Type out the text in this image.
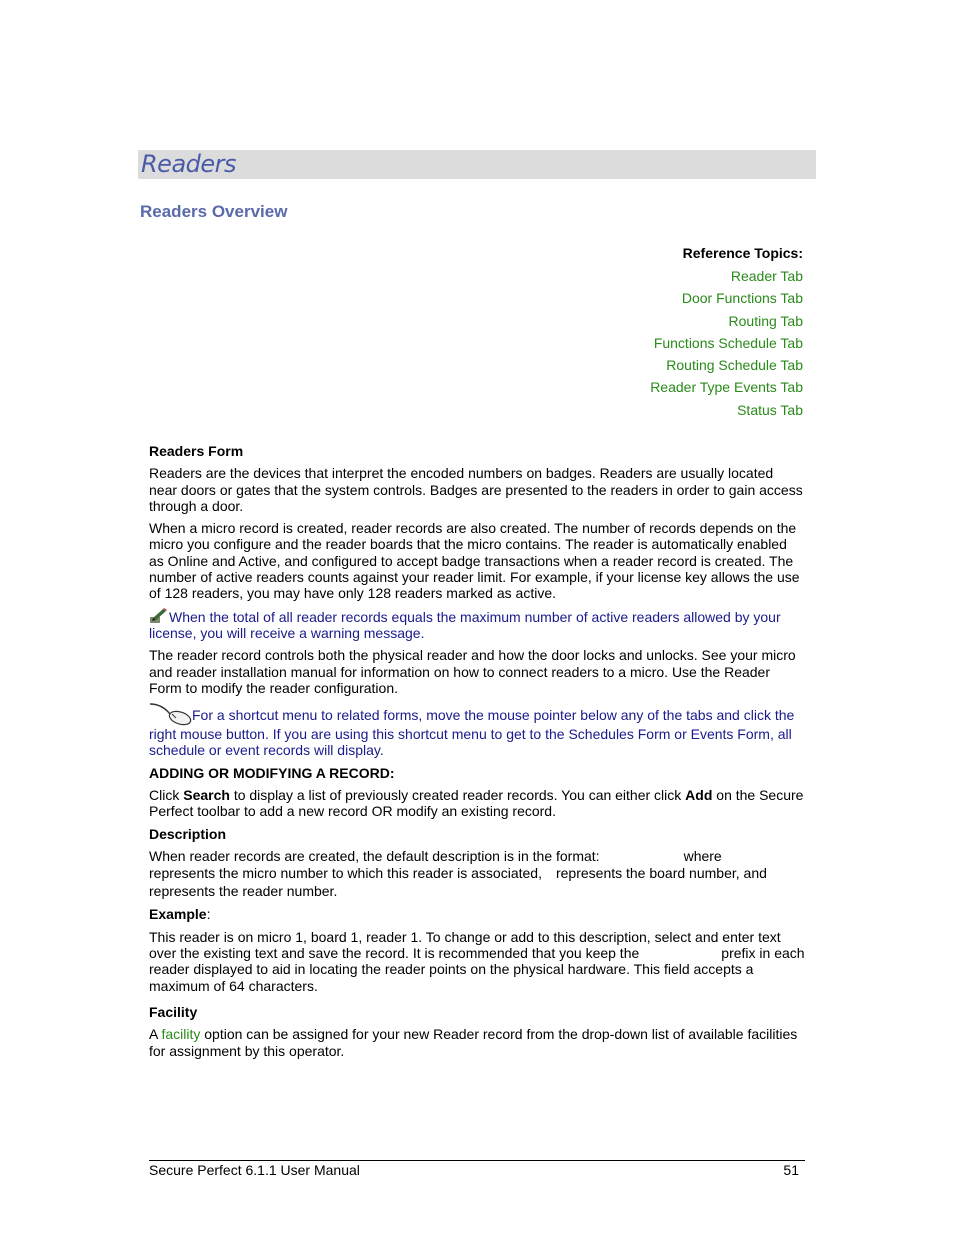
Readers
Readers Overview
Reference Topics:
Reader Tab
Door Functions Tab
Routing Tab
Functions Schedule Tab
Routing Schedule Tab
Reader Type Events Tab
Status Tab
Readers Form

Readers are the devices that interpret the encoded numbers on badges. Readers are usually located near doors or gates that the system controls. Badges are presented to the readers in order to gain access through a door.

When a micro record is created, reader records are also created. The number of records depends on the micro you configure and the reader boards that the micro contains. The reader is automatically enabled as Online and Active, and configured to accept badge transactions when a reader record is created. The number of active readers counts against your reader limit. For example, if your license key allows the use of 128 readers, you may have only 128 readers marked as active.

When the total of all reader records equals the maximum number of active readers allowed by your license, you will receive a warning message.

The reader record controls both the physical reader and how the door locks and unlocks. See your micro and reader installation manual for information on how to connect readers to a micro. Use the Reader Form to modify the reader configuration.

For a shortcut menu to related forms, move the mouse pointer below any of the tabs and click the right mouse button. If you are using this shortcut menu to get to the Schedules Form or Events Form, all schedule or event records will display.

ADDING OR MODIFYING A RECORD:

Click Search to display a list of previously created reader records. You can either click Add on the Secure Perfect toolbar to add a new record OR modify an existing record.

Description

When reader records are created, the default description is in the format:	where
represents the micro number to which this reader is associated, represents the board number, and
represents the reader number.

Example:

This reader is on micro 1, board 1, reader 1. To change or add to this description, select and enter text over the existing text and save the record. It is recommended that you keep the	prefix in each reader displayed to aid in locating the reader points on the physical hardware. This field accepts a maximum of 64 characters.

Facility

A facility option can be assigned for your new Reader record from the drop-down list of available facilities for assignment by this operator.

Secure Perfect 6.1.1 User Manual	51
